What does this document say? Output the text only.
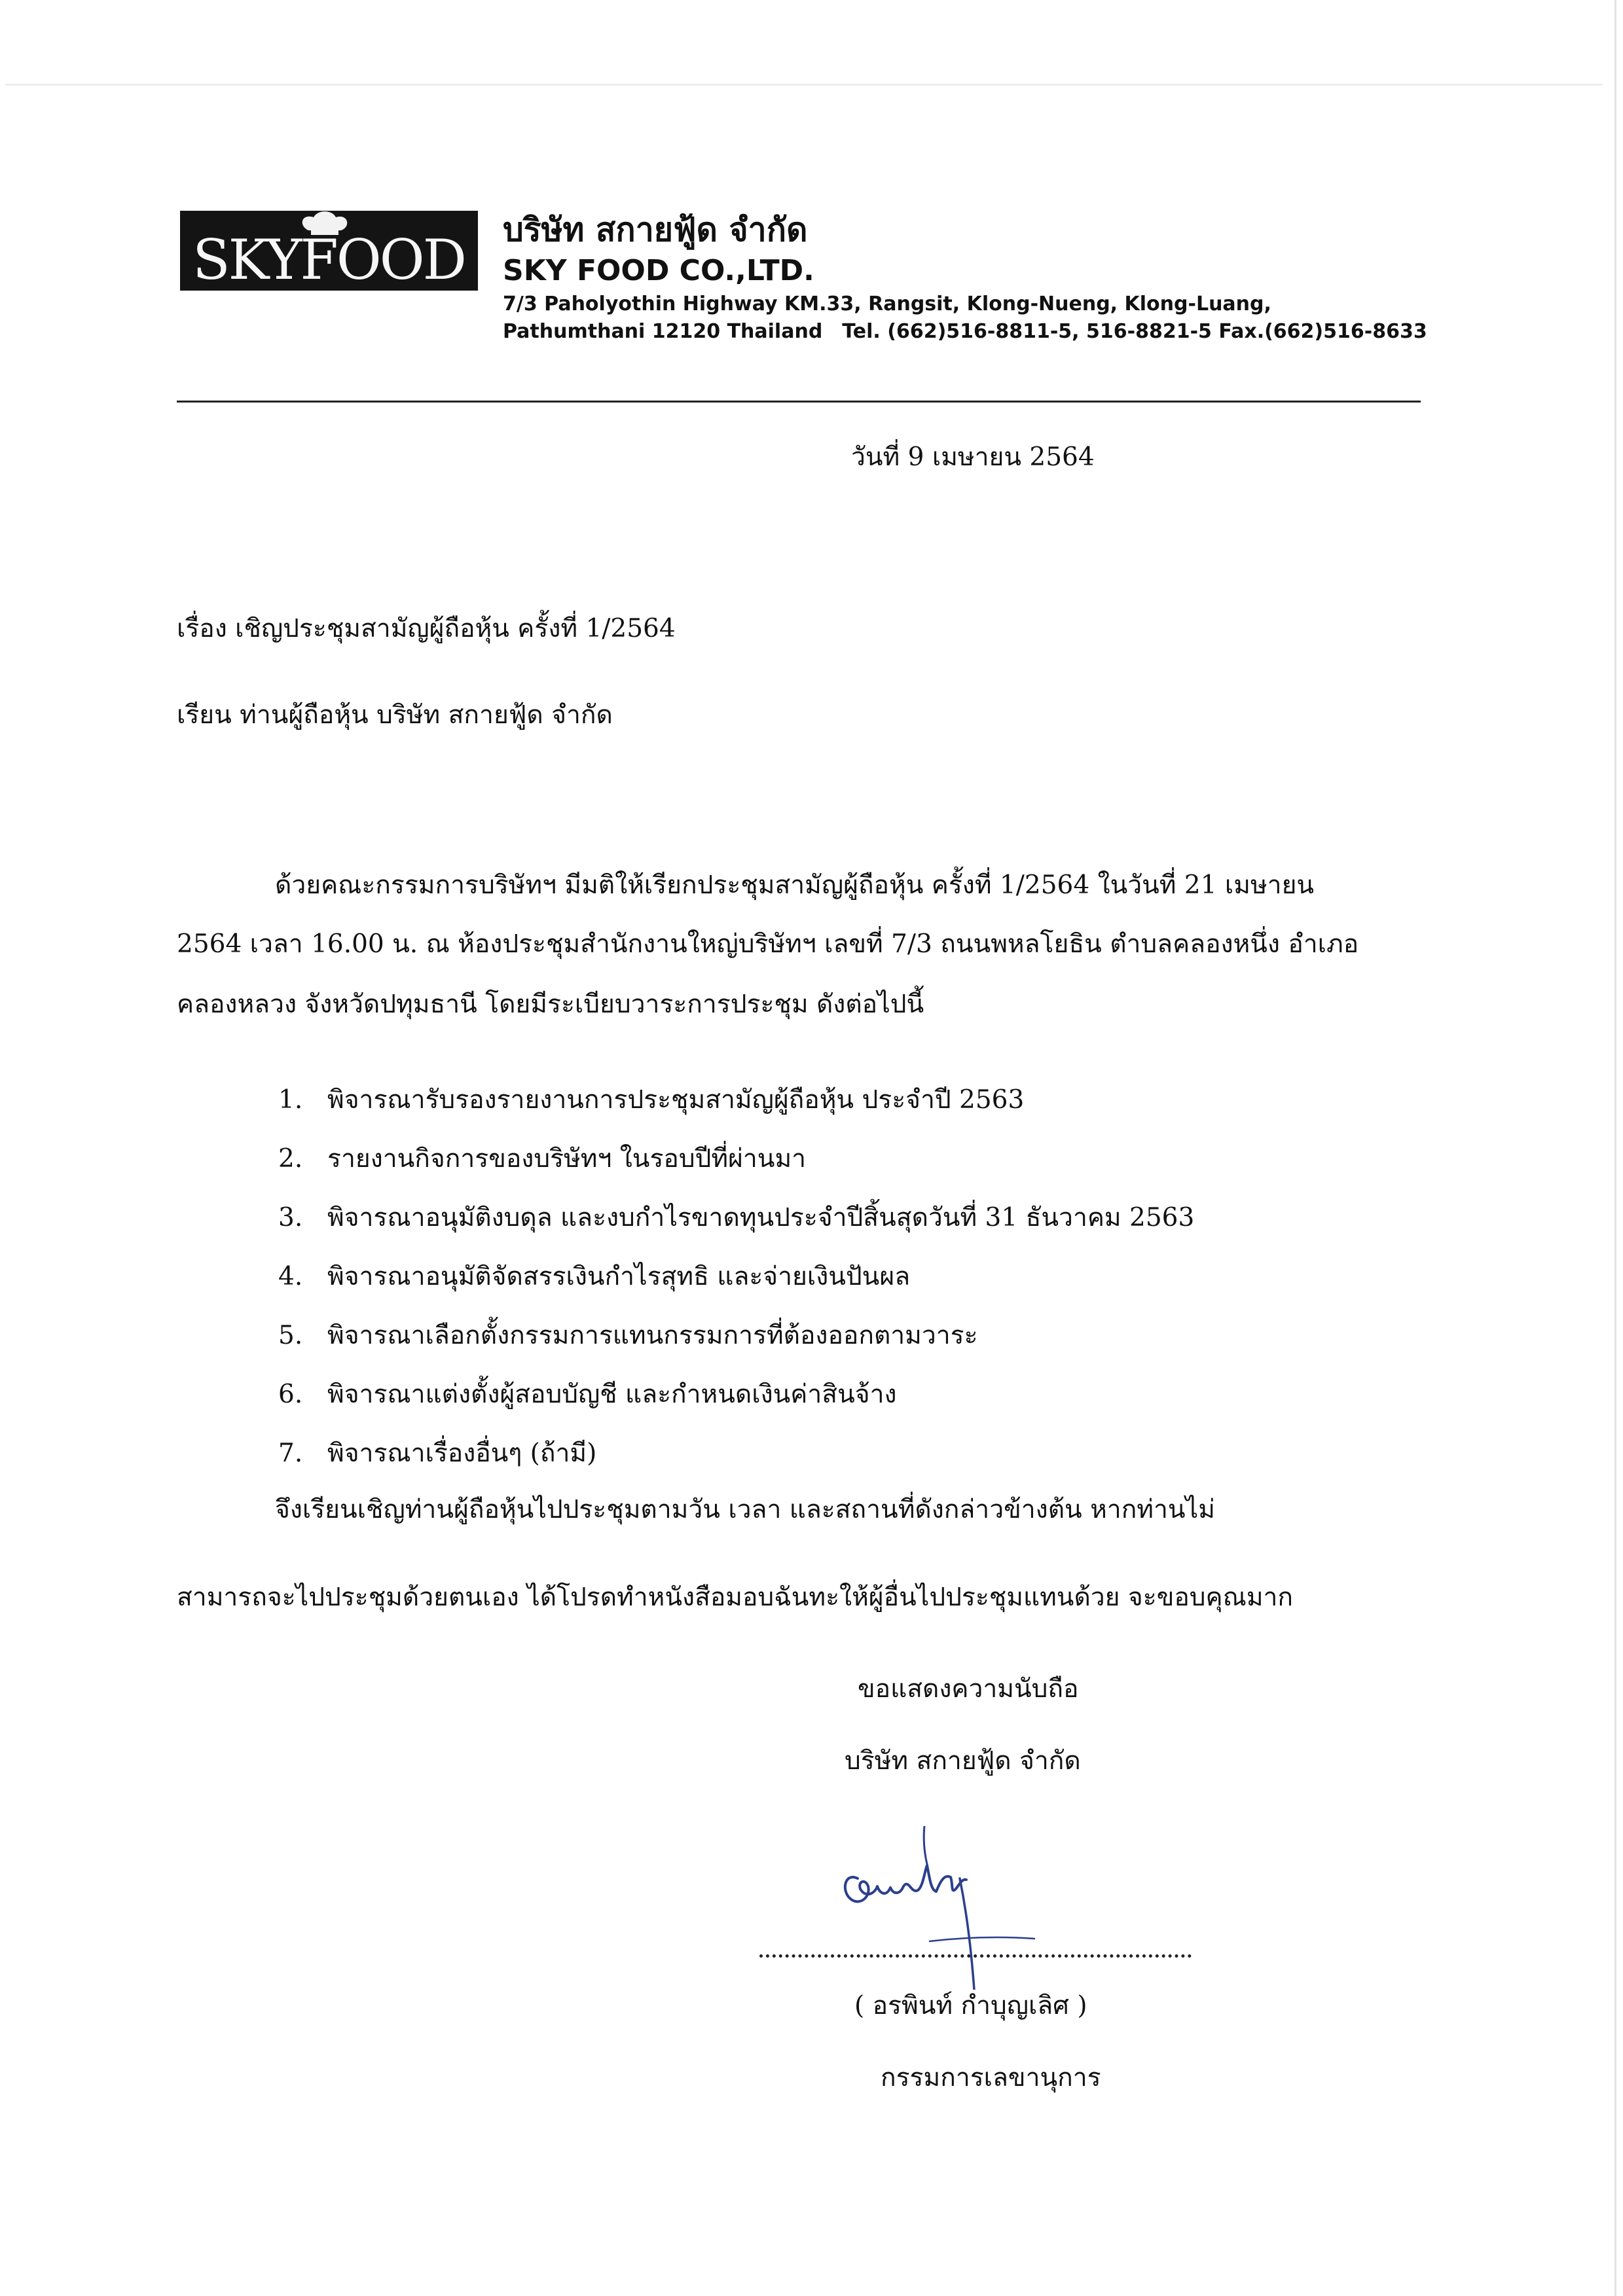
SKYFOOD บริษัท สกายฟู้ด จำกัด
SKY FOOD CO.,LTD.
7/3 Paholyothin Highway KM.33, Rangsit, Klong-Nueng, Klong-Luang,
Pathumthani 12120 Thailand Tel. (662)516-8811-5, 516-8821-5 Fax.(662)516-8633
วันที่ 9 เมษายน 2564
เรื่อง เชิญประชุมสามัญผู้ถือหุ้น ครั้งที่ 1/2564
เรียน ท่านผู้ถือหุ้น บริษัท สกายฟู้ด จำกัด
ด้วยคณะกรรมการบริษัทฯ มีมติให้เรียกประชุมสามัญผู้ถือหุ้น ครั้งที่ 1/2564 ในวันที่ 21 เมษายน
2564 เวลา 16.00 น. ณ ห้องประชุมสำนักงานใหญ่บริษัทฯ เลขที่ 7/3 ถนนพหลโยธิน ตำบลคลองหนึ่ง อำเภอ
คลองหลวง จังหวัดปทุมธานี โดยมีระเบียบวาระการประชุม ดังต่อไปนี้
1. พิจารณารับรองรายงานการประชุมสามัญผู้ถือหุ้น ประจำปี 2563
2. รายงานกิจการของบริษัทฯ ในรอบปีที่ผ่านมา
3. พิจารณาอนุมัติงบดุล และงบกำไรขาดทุนประจำปีสิ้นสุดวันที่ 31 ธันวาคม 2563
4. พิจารณาอนุมัติจัดสรรเงินกำไรสุทธิ และจ่ายเงินปันผล
5. พิจารณาเลือกตั้งกรรมการแทนกรรมการที่ต้องออกตามวาระ
6. พิจารณาแต่งตั้งผู้สอบบัญชี และกำหนดเงินค่าสินจ้าง
7. พิจารณาเรื่องอื่นๆ (ถ้ามี)
จึงเรียนเชิญท่านผู้ถือหุ้นไปประชุมตามวัน เวลา และสถานที่ดังกล่าวข้างต้น หากท่านไม่
สามารถจะไปประชุมด้วยตนเอง ได้โปรดทำหนังสือมอบฉันทะให้ผู้อื่นไปประชุมแทนด้วย จะขอบคุณมาก
ขอแสดงความนับถือ
บริษัท สกายฟู้ด จำกัด
( อรพินท์ กำบุญเลิศ )
กรรมการเลขานุการ
